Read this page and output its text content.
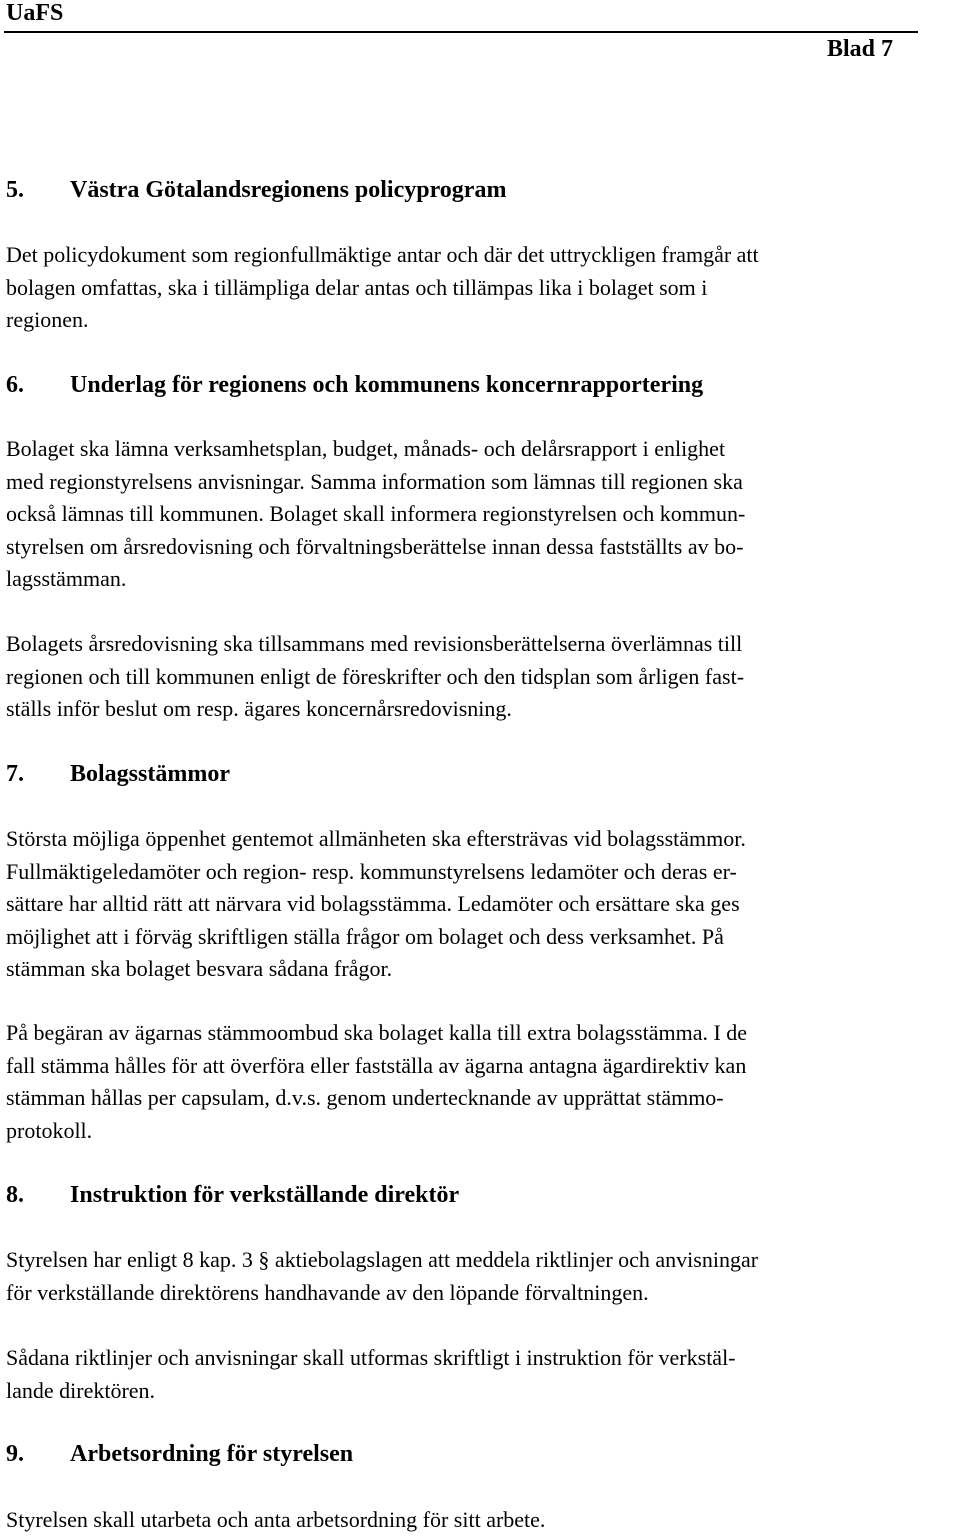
UaFS
Blad 7
5. Västra Götalandsregionens policyprogram
Det policydokument som regionfullmäktige antar och där det uttryckligen framgår att
bolagen omfattas, ska i tillämpliga delar antas och tillämpas lika i bolaget som i
regionen.
6. Underlag för regionens och kommunens koncernrapportering
Bolaget ska lämna verksamhetsplan, budget, månads- och delårsrapport i enlighet
med regionstyrelsens anvisningar. Samma information som lämnas till regionen ska
också lämnas till kommunen. Bolaget skall informera regionstyrelsen och kommun-
styrelsen om årsredovisning och förvaltningsberättelse innan dessa fastställts av bo-
lagsstämman.
Bolagets årsredovisning ska tillsammans med revisionsberättelserna överlämnas till
regionen och till kommunen enligt de föreskrifter och den tidsplan som årligen fast-
ställs inför beslut om resp. ägares koncernårsredovisning.
7. Bolagsstämmor
Största möjliga öppenhet gentemot allmänheten ska eftersträvas vid bolagsstämmor.
Fullmäktigeledamöter och region- resp. kommunstyrelsens ledamöter och deras er-
sättare har alltid rätt att närvara vid bolagsstämma. Ledamöter och ersättare ska ges
möjlighet att i förväg skriftligen ställa frågor om bolaget och dess verksamhet. På
stämman ska bolaget besvara sådana frågor.
På begäran av ägarnas stämmoombud ska bolaget kalla till extra bolagsstämma. I de
fall stämma hålles för att överföra eller fastställa av ägarna antagna ägardirektiv kan
stämman hållas per capsulam, d.v.s. genom undertecknande av upprättat stämmo-
protokoll.
8. Instruktion för verkställande direktör
Styrelsen har enligt 8 kap. 3 § aktiebolagslagen att meddela riktlinjer och anvisningar
för verkställande direktörens handhavande av den löpande förvaltningen.
Sådana riktlinjer och anvisningar skall utformas skriftligt i instruktion för verkstäl-
lande direktören.
9. Arbetsordning för styrelsen
Styrelsen skall utarbeta och anta arbetsordning för sitt arbete.
